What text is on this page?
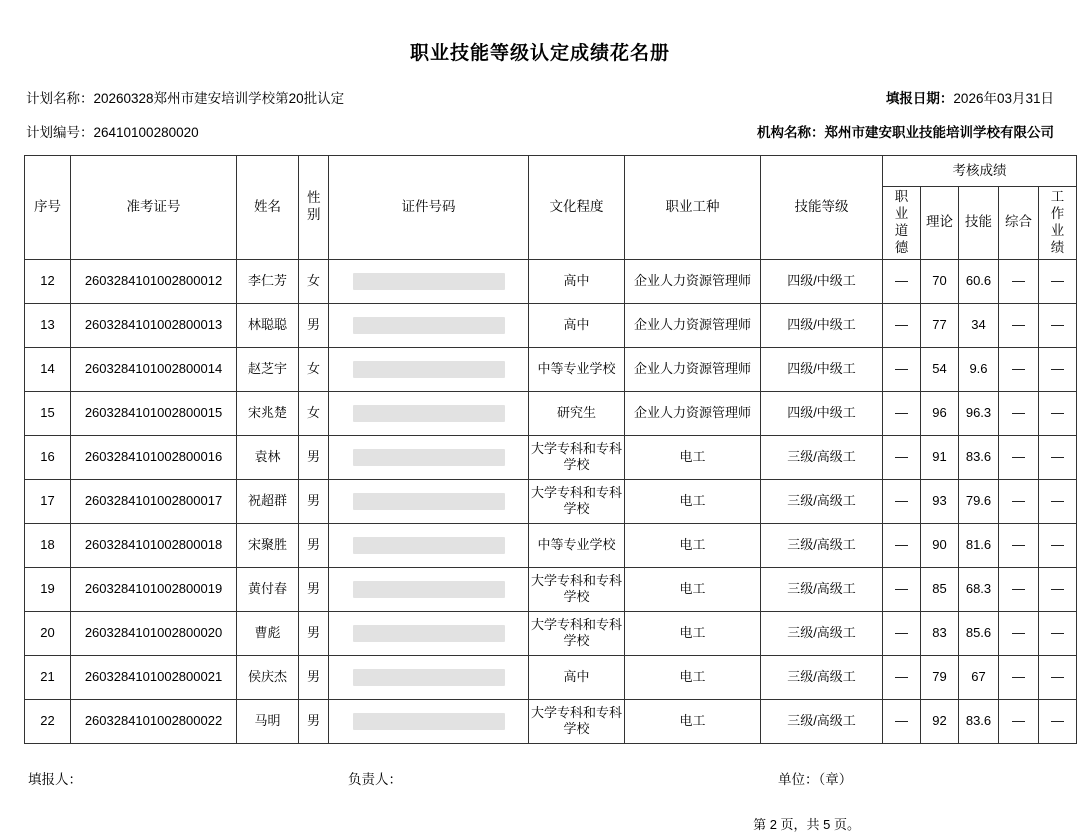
职业技能等级认定成绩花名册
计划名称：20260328郑州市建安培训学校第20批认定	填报日期：2026年03月31日
计划编号：26410100280020	机构名称：郑州市建安职业技能培训学校有限公司
序号	准考证号	姓名	性别	证件号码	文化程度	职业工种	技能等级	考核成绩				
								职业道德	理论	技能	综合	工作业绩
12	2603284101002800012	李仁芳	女		高中	企业人力资源管理师	四级/中级工	—	70	60.6	—	—
13	2603284101002800013	林聪聪	男		高中	企业人力资源管理师	四级/中级工	—	77	34	—	—
14	2603284101002800014	赵芝宇	女		中等专业学校	企业人力资源管理师	四级/中级工	—	54	9.6	—	—
15	2603284101002800015	宋兆楚	女		研究生	企业人力资源管理师	四级/中级工	—	96	96.3	—	—
16	2603284101002800016	袁林	男		大学专科和专科学校	电工	三级/高级工	—	91	83.6	—	—
17	2603284101002800017	祝超群	男		大学专科和专科学校	电工	三级/高级工	—	93	79.6	—	—
18	2603284101002800018	宋聚胜	男		中等专业学校	电工	三级/高级工	—	90	81.6	—	—
19	2603284101002800019	黄付春	男		大学专科和专科学校	电工	三级/高级工	—	85	68.3	—	—
20	2603284101002800020	曹彪	男		大学专科和专科学校	电工	三级/高级工	—	83	85.6	—	—
21	2603284101002800021	侯庆杰	男		高中	电工	三级/高级工	—	79	67	—	—
22	2603284101002800022	马明	男		大学专科和专科学校	电工	三级/高级工	—	92	83.6	—	—
填报人：	负责人：	单位：（章）
第 2 页，共 5 页。
